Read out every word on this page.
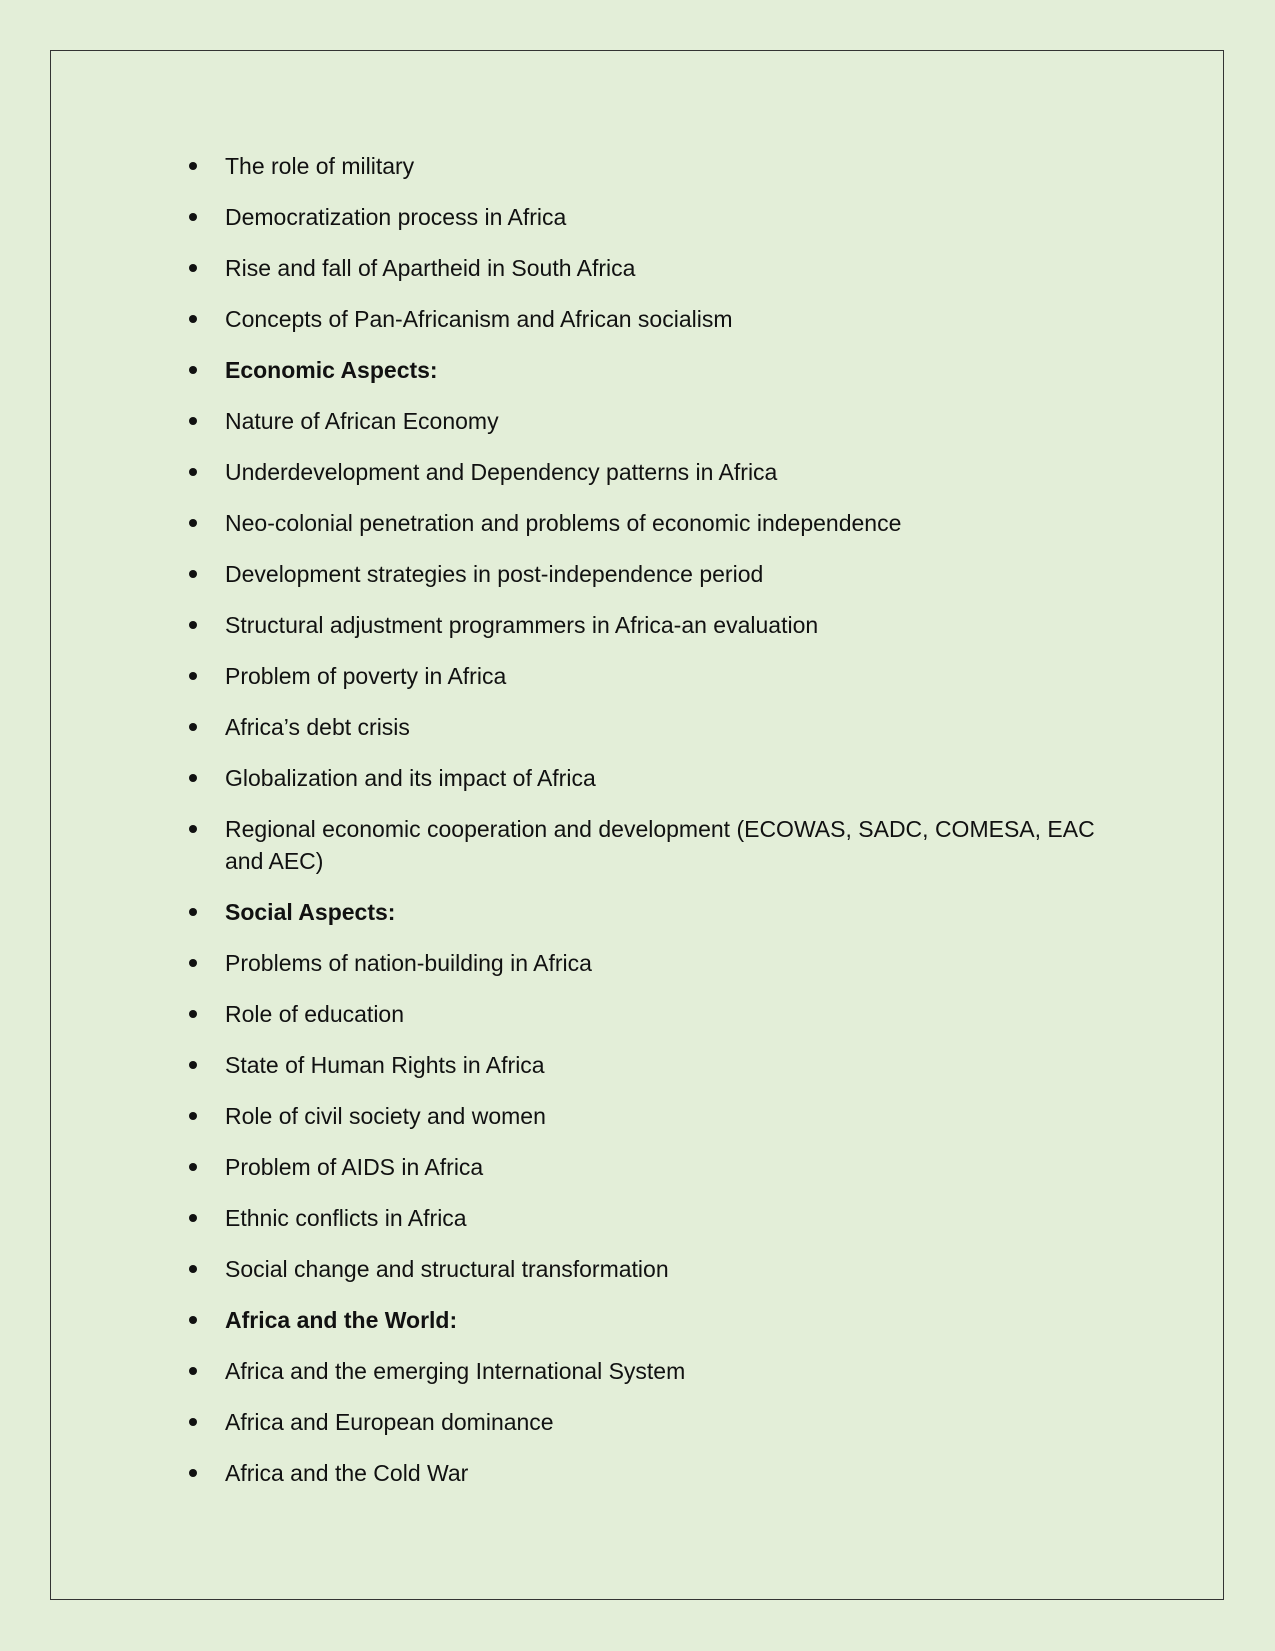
The role of military
Democratization process in Africa
Rise and fall of Apartheid in South Africa
Concepts of Pan-Africanism and African socialism
Economic Aspects:
Nature of African Economy
Underdevelopment and Dependency patterns in Africa
Neo-colonial penetration and problems of economic independence
Development strategies in post-independence period
Structural adjustment programmers in Africa-an evaluation
Problem of poverty in Africa
Africa’s debt crisis
Globalization and its impact of Africa
Regional economic cooperation and development (ECOWAS, SADC, COMESA, EAC and AEC)
Social Aspects:
Problems of nation-building in Africa
Role of education
State of Human Rights in Africa
Role of civil society and women
Problem of AIDS in Africa
Ethnic conflicts in Africa
Social change and structural transformation
Africa and the World:
Africa and the emerging International System
Africa and European dominance
Africa and the Cold War
